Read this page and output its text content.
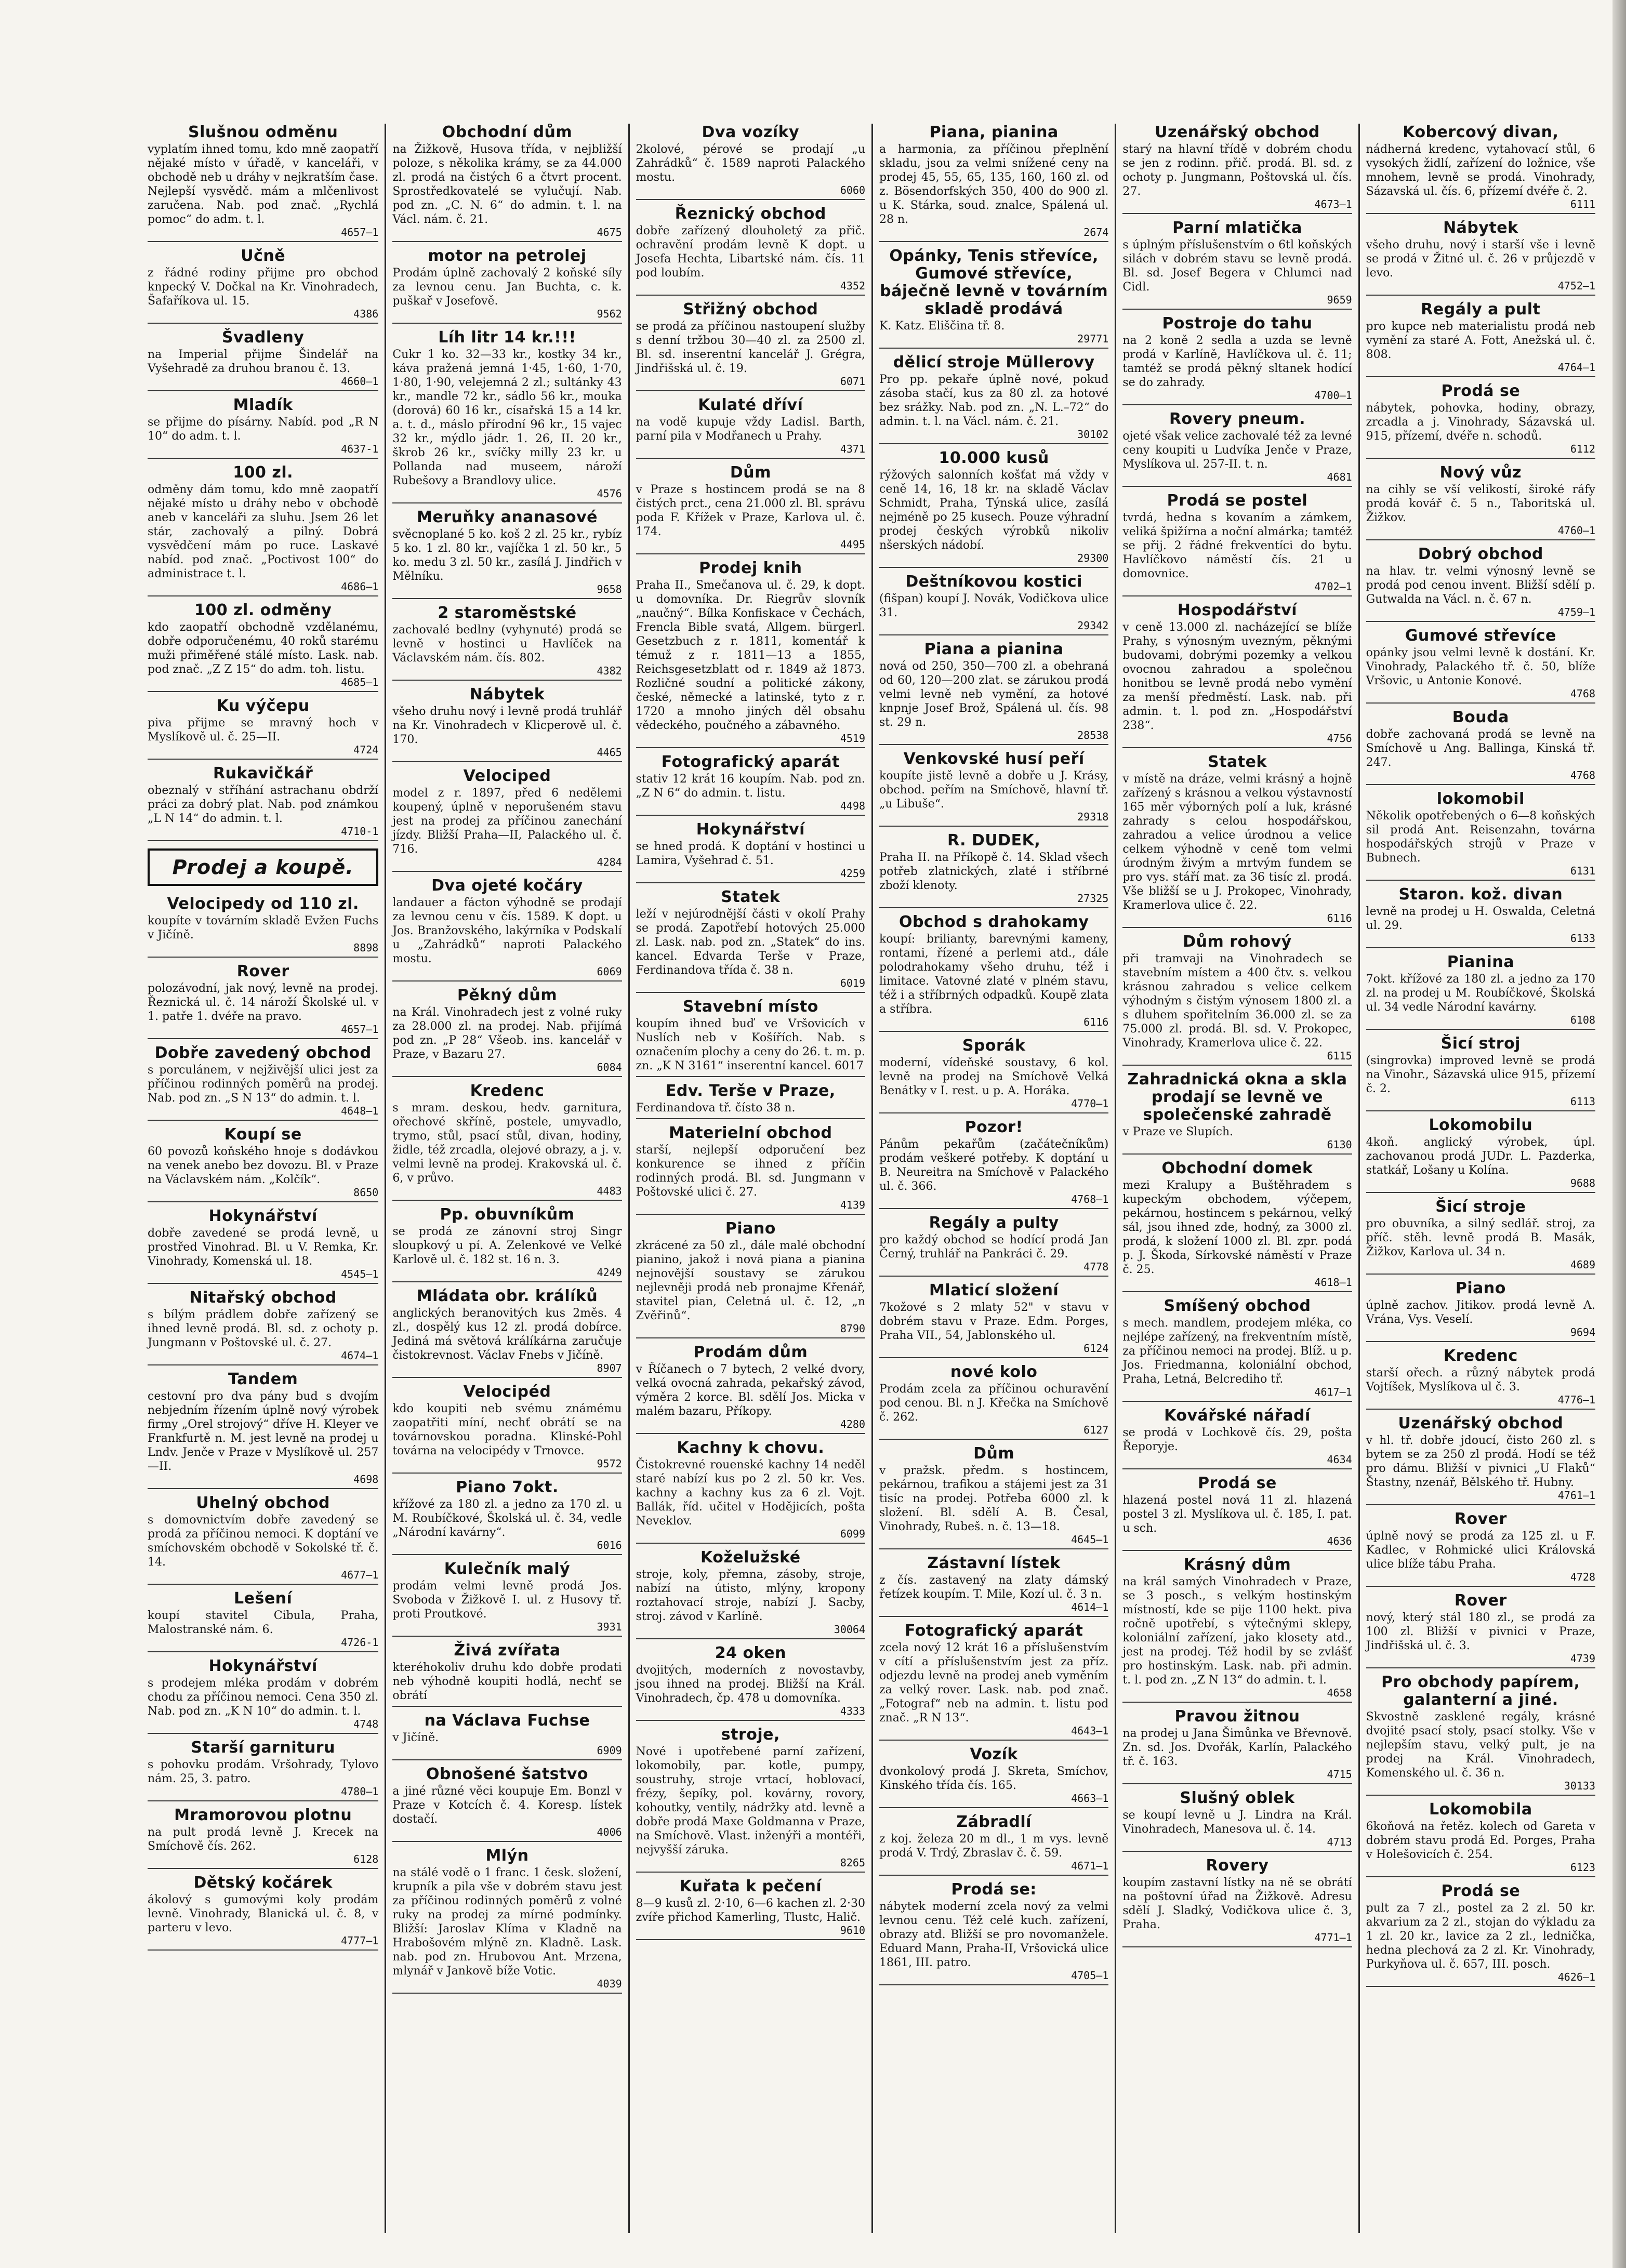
Slušnou odměnu

vyplatím ihned tomu, kdo mně zaopatří nějaké místo v úřadě, v kanceláři, v obchodě neb u dráhy v nejkratším čase. Nejlepší vysvědč. mám a mlčenlivost zaručena. Nab. pod znač. „Rychlá pomoc“ do adm. t. l.

4657—1

Učně

z řádné rodiny přijme pro obchod knpecký V. Dočkal na Kr. Vinohradech, Šafaříkova ul. 15.

4386

Švadleny

na Imperial přijme Šindelář na Vyšehradě za druhou branou č. 13.

4660—1

Mladík

se přijme do písárny. Nabíd. pod „R N 10“ do adm. t. l.

4637-1

100 zl.

odměny dám tomu, kdo mně zaopatří nějaké místo u dráhy nebo v obchodě aneb v kanceláři za sluhu. Jsem 26 let stár, zachovalý a pilný. Dobrá vysvědčení mám po ruce. Laskavé nabíd. pod znač. „Poctivost 100“ do administrace t. l.

4686—1

100 zl. odměny

kdo zaopatří obchodně vzdělanému, dobře odporučenému, 40 roků starému muži přiměřené stálé místo. Lask. nab. pod znač. „Z Z 15“ do adm. toh. listu.

4685—1

Ku výčepu

piva přijme se mravný hoch v Myslíkově ul. č. 25—II.

4724

Rukavičkář

obeznalý v stříhání astrachanu obdrží práci za dobrý plat. Nab. pod známkou „L N 14“ do admin. t. l.

4710-1

Prodej a koupě.
Velocipedy od 110 zl.

koupíte v továrním skladě Evžen Fuchs v Jičíně.

8898

Rover

polozávodní, jak nový, levně na prodej. Řeznická ul. č. 14 nároží Školské ul. v 1. patře 1. dvéře na pravo.

4657—1

Dobře zavedený obchod

s porculánem, v nejživější ulici jest za příčinou rodinných poměrů na prodej. Nab. pod zn. „S N 13“ do admin. t. l.

4648—1

Koupí se

60 povozů koňského hnoje s dodávkou na venek anebo bez dovozu. Bl. v Praze na Václavském nám. „Kolčík“.

8650

Hokynářství

dobře zavedené se prodá levně, u prostřed Vinohrad. Bl. u V. Remka, Kr. Vinohrady, Komenská ul. 18.

4545—1

Nitařský obchod

s bílým prádlem dobře zařízený se ihned levně prodá. Bl. sd. z ochoty p. Jungmann v Poštovské ul. č. 27.

4674—1

Tandem

cestovní pro dva pány bud s dvojím nebjedním řízením úplně nový výrobek firmy „Orel strojový“ dříve H. Kleyer ve Frankfurtě n. M. jest levně na prodej u Lndv. Jenče v Praze v Myslíkově ul. 257—II.

4698

Uhelný obchod

s domovnictvím dobře zavedený se prodá za příčinou nemoci. K doptání ve smíchovském obchodě v Sokolské tř. č. 14.

4677—1

Lešení

koupí stavitel Cibula, Praha, Malostranské nám. 6.

4726-1

Hokynářství

s prodejem mléka prodám v dobrém chodu za příčinou nemoci. Cena 350 zl. Nab. pod zn. „K N 10“ do admin. t. l.

4748

Starší garnituru

s pohovku prodám. Vršohrady, Tylovo nám. 25, 3. patro.

4780—1

Mramorovou plotnu

na pult prodá levně J. Krecek na Smíchově čís. 262.

6128

Dětský kočárek

ákolový s gumovými koly prodám levně. Vinohrady, Blanická ul. č. 8, v parteru v levo.

4777—1

Obchodní dům

na Žižkově, Husova třída, v nejbližší poloze, s několika krámy, se za 44.000 zl. prodá na čistých 6 a čtvrt procent. Sprostředkovatelé se vylučují. Nab. pod zn. „C. N. 6“ do admin. t. l. na Václ. nám. č. 21.

4675

motor na petrolej

Prodám úplně zachovalý 2 koňské síly za levnou cenu. Jan Buchta, c. k. puškař v Josefově.

9562

Líh litr 14 kr.!!!

Cukr 1 ko. 32—33 kr., kostky 34 kr., káva pražená jemná 1·45, 1·60, 1·70, 1·80, 1·90, velejemná 2 zl.; sultánky 43 kr., mandle 72 kr., sádlo 56 kr., mouka (dorová) 60 16 kr., císařská 15 a 14 kr. a. t. d., máslo přírodní 96 kr., 15 vajec 32 kr., mýdlo jádr. 1. 26, II. 20 kr., škrob 26 kr., svíčky milly 23 kr. u Pollanda nad museem, nároží Rubešovy a Brandlovy ulice.

4576

Meruňky ananasové

svěcnoplané 5 ko. koš 2 zl. 25 kr., rybíz 5 ko. 1 zl. 80 kr., vajíčka 1 zl. 50 kr., 5 ko. medu 3 zl. 50 kr., zasílá J. Jindřich v Mělníku.

9658

2 staroměstské

zachovalé bedlny (vyhynuté) prodá se levně v hostinci u Havlíček na Václavském nám. čís. 802.

4382

Nábytek

všeho druhu nový i levně prodá truhlář na Kr. Vinohradech v Klicperově ul. č. 170.

4465

Velociped

model z r. 1897, před 6 nedělemi koupený, úplně v neporušeném stavu jest na prodej za příčinou zanechání jízdy. Bližší Praha—II, Palackého ul. č. 716.

4284

Dva ojeté kočáry

landauer a fácton výhodně se prodají za levnou cenu v čís. 1589. K dopt. u Jos. Branžovského, lakýrníka v Podskalí u „Zahrádků“ naproti Palackého mostu.

6069

Pěkný dům

na Král. Vinohradech jest z volné ruky za 28.000 zl. na prodej. Nab. přijímá pod zn. „P 28“ Všeob. ins. kancelář v Praze, v Bazaru 27.

6084

Kredenc

s mram. deskou, hedv. garnitura, ořechové skříně, postele, umyvadlo, trymo, stůl, psací stůl, divan, hodiny, židle, též zrcadla, olejové obrazy, a j. v. velmi levně na prodej. Krakovská ul. č. 6, v průvo.

4483

Pp. obuvníkům

se prodá ze zánovní stroj Singr sloupkový u pí. A. Zelenkové ve Velké Karlově ul. č. 182 st. 16 n. 3.

4249

Mládata obr. králíků

anglických beranovitých kus 2měs. 4 zl., dospělý kus 12 zl. prodá dobírce. Jediná má světová králíkárna zaručuje čistokrevnost. Václav Fnebs v Jičíně.

8907

Velocipéd

kdo koupiti neb svému známému zaopatřiti míní, nechť obrátí se na továrnovskou poradna. Klinské-Pohl továrna na velocipédy v Trnovce.

9572

Piano 7okt.

křížové za 180 zl. a jedno za 170 zl. u M. Roubíčkové, Školská ul. č. 34, vedle „Národní kavárny“.

6016

Kulečník malý

prodám velmi levně prodá Jos. Svoboda v Žižkově I. ul. z Husovy tř. proti Proutkové.

3931

Živá zvířata

kteréhokoliv druhu kdo dobře prodati neb výhodně koupiti hodlá, nechť se obrátí

na Václava Fuchse

v Jičíně.

6909

Obnošené šatstvo

a jiné různé věci koupuje Em. Bonzl v Praze v Kotcích č. 4. Koresp. lístek dostačí.

4006

Mlýn

na stálé vodě o 1 franc. 1 česk. složení, krupník a pila vše v dobrém stavu jest za příčinou rodinných poměrů z volné ruky na prodej za mírné podmínky. Bližší: Jaroslav Klíma v Kladně na Hrabošovém mlýně zn. Kladně. Lask. nab. pod zn. Hrubovou Ant. Mrzena, mlynář v Jankově bíže Votic.

4039

Dva vozíky

2kolové, pérové se prodají „u Zahrádků“ č. 1589 naproti Palackého mostu.

6060

Řeznický obchod

dobře zařízený dlouholetý za přič. ochravění prodám levně K dopt. u Josefa Hechta, Libartské nám. čís. 11 pod loubím.

4352

Střižný obchod

se prodá za příčinou nastoupení služby s denní tržbou 30—40 zl. za 2500 zl. Bl. sd. inserentní kancelář J. Grégra, Jindřišská ul. č. 19.

6071

Kulaté dříví

na vodě kupuje vždy Ladisl. Barth, parní pila v Modřanech u Prahy.

4371

Dům

v Praze s hostincem prodá se na 8 čistých prct., cena 21.000 zl. Bl. správu poda F. Křížek v Praze, Karlova ul. č. 174.

4495

Prodej knih

Praha II., Smečanova ul. č. 29, k dopt. u domovníka. Dr. Riegrův slovník „naučný“. Bílka Konfiskace v Čechách, Frencla Bible svatá, Allgem. bürgerl. Gesetzbuch z r. 1811, komentář k témuž z r. 1811—13 a 1855, Reichsgesetzblatt od r. 1849 až 1873. Rozličné soudní a politické zákony, české, německé a latinské, tyto z r. 1720 a mnoho jiných děl obsahu vědeckého, poučného a zábavného.

4519

Fotografický aparát

stativ 12 krát 16 koupím. Nab. pod zn. „Z N 6“ do admin. t. listu.

4498

Hokynářství

se hned prodá. K doptání v hostinci u Lamira, Vyšehrad č. 51.

4259

Statek

leží v nejúrodnější části v okolí Prahy se prodá. Zapotřebí hotových 25.000 zl. Lask. nab. pod zn. „Statek“ do ins. kancel. Edvarda Terše v Praze, Ferdinandova třída č. 38 n.

6019

Stavební místo

koupím ihned buď ve Vršovicích v Nuslích neb v Košířích. Nab. s označením plochy a ceny do 26. t. m. p. zn. „K N 3161“ inserentní kancel. 6017

Edv. Terše v Praze,

Ferdinandova tř. čísto 38 n.

Materielní obchod

starší, nejlepší odporučení bez konkurence se ihned z příčin rodinných prodá. Bl. sd. Jungmann v Poštovské ulici č. 27.

4139

Piano

zkrácené za 50 zl., dále malé obchodní pianino, jakož i nová piana a pianina nejnovější soustavy se zárukou nejlevněji prodá neb pronajme Křenář, stavitel pian, Celetná ul. č. 12, „n Zvěřinů“.

8790

Prodám dům

v Říčanech o 7 bytech, 2 velké dvory, velká ovocná zahrada, pekařský závod, výměra 2 korce. Bl. sdělí Jos. Micka v malém bazaru, Příkopy.

4280

Kachny k chovu.

Čistokrevné rouenské kachny 14 neděl staré nabízí kus po 2 zl. 50 kr. Ves. kachny a kachny kus za 6 zl. Vojt. Ballák, říd. učitel v Hodějicích, pošta Neveklov.

6099

Koželužské

stroje, koly, přemna, zásoby, stroje, nabízí na útisto, mlýny, kropony roztahovací stroje, nabízí J. Sacby, stroj. závod v Karlíně.

30064

24 oken

dvojitých, moderních z novostavby, jsou ihned na prodej. Bližší na Král. Vinohradech, čp. 478 u domovníka.

4333

stroje,

Nové i upotřebené parní zařízení, lokomobily, par. kotle, pumpy, soustruhy, stroje vrtací, hoblovací, frézy, šepíky, pol. kovárny, rovory, kohoutky, ventily, nádržky atd. levně a dobře prodá Maxe Goldmanna v Praze, na Smíchově. Vlast. inženýři a montéři, nejvyšší záruka.

8265

Kuřata k pečení

8—9 kusů zl. 2·10, 6—6 kachen zl. 2·30 zvíře přichod Kamerling, Tlustc, Halič.

9610

Piana, pianina

a harmonia, za příčinou přeplnění skladu, jsou za velmi snížené ceny na prodej 45, 55, 65, 135, 160, 160 zl. od z. Bösendorfských 350, 400 do 900 zl. u K. Stárka, soud. znalce, Spálená ul. 28 n.

2674

Opánky, Tenis střevíce, Gumové střevíce, báječně levně v továrním skladě prodává

K. Katz. Eliščina tř. 8.

29771

dělicí stroje Müllerovy

Pro pp. pekaře úplně nové, pokud zásoba stačí, kus za 80 zl. za hotové bez srážky. Nab. pod zn. „N. L.–72“ do admin. t. l. na Václ. nám. č. 21.

30102

10.000 kusů

rýžových salonních košťat má vždy v ceně 14, 16, 18 kr. na skladě Václav Schmidt, Praha, Týnská ulice, zasílá nejméně po 25 kusech. Pouze výhradní prodej českých výrobků nikoliv nšerských nádobí.

29300

Deštníkovou kostici

(fišpan) koupí J. Novák, Vodičkova ulice 31.

29342

Piana a pianina

nová od 250, 350—700 zl. a obehraná od 60, 120—200 zlat. se zárukou prodá velmi levně neb vymění, za hotové knpnje Josef Brož, Spálená ul. čís. 98 st. 29 n.

28538

Venkovské husí peří

koupíte jistě levně a dobře u J. Krásy, obchod. peřím na Smíchově, hlavní tř. „u Libuše“.

29318

R. DUDEK,

Praha II. na Příkopě č. 14. Sklad všech potřeb zlatnických, zlaté i stříbrné zboží klenoty.

27325

Obchod s drahokamy

koupí: brilianty, barevnými kameny, rontami, řízené a perlemi atd., dále polodrahokamy všeho druhu, též i limitace. Vatovné zlaté v plném stavu, též i a stříbrných odpadků. Koupě zlata a stříbra.

6116

Sporák

moderní, vídeňské soustavy, 6 kol. levně na prodej na Smíchově Velká Benátky v I. rest. u p. A. Horáka.

4770—1

Pozor!

Pánům pekařům (začátečníkům) prodám veškeré potřeby. K doptání u B. Neureitra na Smíchově v Palackého ul. č. 366.

4768—1

Regály a pulty

pro každý obchod se hodící prodá Jan Černý, truhlář na Pankráci č. 29.

4778

Mlaticí složení

7kožové s 2 mlaty 52" v stavu v dobrém stavu v Praze. Edm. Porges, Praha VII., 54, Jablonského ul.

6124

nové kolo

Prodám zcela za příčinou ochuravění pod cenou. Bl. n J. Křečka na Smíchově č. 262.

6127

Dům

v pražsk. předm. s hostincem, pekárnou, trafikou a stájemi jest za 31 tisíc na prodej. Potřeba 6000 zl. k složení. Bl. sdělí A. B. Česal, Vinohrady, Rubeš. n. č. 13—18.

4645—1

Zástavní lístek

z čís. zastavený na zlaty dámský řetízek koupím. T. Mile, Kozí ul. č. 3 n.

4614—1

Fotografický aparát

zcela nový 12 krát 16 a příslušenstvím v cítí a příslušenstvím jest za příz. odjezdu levně na prodej aneb vyměním za velký rover. Lask. nab. pod znač. „Fotograf“ neb na admin. t. listu pod znač. „R N 13“.

4643—1

Vozík

dvonkolový prodá J. Skreta, Smíchov, Kinského třída čís. 165.

4663—1

Zábradlí

z koj. železa 20 m dl., 1 m vys. levně prodá V. Trdý, Zbraslav č. č. 59.

4671—1

Prodá se:

nábytek moderní zcela nový za velmi levnou cenu. Též celé kuch. zařízení, obrazy atd. Bližší se pro novomanžele. Eduard Mann, Praha-II, Vršovická ulice 1861, III. patro.

4705—1

Uzenářský obchod

starý na hlavní třídě v dobrém chodu se jen z rodinn. přič. prodá. Bl. sd. z ochoty p. Jungmann, Poštovská ul. čís. 27.

4673—1

Parní mlatička

s úplným příslušenstvím o 6tl koňských silách v dobrém stavu se levně prodá. Bl. sd. Josef Begera v Chlumci nad Cidl.

9659

Postroje do tahu

na 2 koně 2 sedla a uzda se levně prodá v Karlíně, Havlíčkova ul. č. 11; tamtéž se prodá pěkný sltanek hodící se do zahrady.

4700—1

Rovery pneum.

ojeté však velice zachovalé též za levné ceny koupiti u Ludvíka Jenče v Praze, Myslíkova ul. 257-II. t. n.

4681

Prodá se postel

tvrdá, hedna s kovaním a zámkem, veliká špižírna a noční almárka; tamtéž se přij. 2 řádné frekventíci do bytu. Havlíčkovo náměstí čís. 21 u domovnice.

4702—1

Hospodářství

v ceně 13.000 zl. nacházející se blíže Prahy, s výnosným uvezným, pěknými budovami, dobrými pozemky a velkou ovocnou zahradou a společnou honitbou se levně prodá nebo vymění za menší předměstí. Lask. nab. při admin. t. l. pod zn. „Hospodářství 238“.

4756

Statek

v místě na dráze, velmi krásný a hojně zařízený s krásnou a velkou výstavností 165 měr výborných polí a luk, krásné zahrady s celou hospodářskou, zahradou a velice úrodnou a velice celkem výhodně v ceně tom velmi úrodným živým a mrtvým fundem se pro vys. stáří mat. za 36 tisíc zl. prodá. Vše bližší se u J. Prokopec, Vinohrady, Kramerlova ulice č. 22.

6116

Dům rohový

při tramvaji na Vinohradech se stavebním místem a 400 čtv. s. velkou krásnou zahradou s velice celkem výhodným s čistým výnosem 1800 zl. a s dluhem spořitelním 36.000 zl. se za 75.000 zl. prodá. Bl. sd. V. Prokopec, Vinohrady, Kramerlova ulice č. 22.

6115

Zahradnická okna a skla prodají se levně ve společenské zahradě

v Praze ve Slupích.

6130

Obchodní domek

mezi Kralupy a Buštěhradem s kupeckým obchodem, výčepem, pekárnou, hostincem s pekárnou, velký sál, jsou ihned zde, hodný, za 3000 zl. prodá, k složení 1000 zl. Bl. zpr. podá p. J. Škoda, Sírkovské náměstí v Praze č. 25.

4618—1

Smíšený obchod

s mech. mandlem, prodejem mléka, co nejlépe zařízený, na frekventním místě, za příčinou nemoci na prodej. Blíž. u p. Jos. Friedmanna, koloniální obchod, Praha, Letná, Belcrediho tř.

4617—1

Kovářské nářadí

se prodá v Lochkově čís. 29, pošta Řeporyje.

4634

Prodá se

hlazená postel nová 11 zl. hlazená postel 3 zl. Myslíkova ul. č. 185, I. pat. u sch.

4636

Krásný dům

na král samých Vinohradech v Praze, se 3 posch., s velkým hostinským místností, kde se pije 1100 hekt. piva ročně upotřebí, s výtečnými sklepy, koloniální zařízení, jako klosety atd., jest na prodej. Též hodil by se zvlášť pro hostinským. Lask. nab. při admin. t. l. pod zn. „Z N 13“ do admin. t. l.

4658

Pravou žitnou

na prodej u Jana Šimůnka ve Břevnově. Zn. sd. Jos. Dvořák, Karlín, Palackého tř. č. 163.

4715

Slušný oblek

se koupí levně u J. Lindra na Král. Vinohradech, Manesova ul. č. 14.

4713

Rovery

koupím zastavní lístky na ně se obrátí na poštovní úřad na Žižkově. Adresu sdělí J. Sladký, Vodičkova ulice č. 3, Praha.

4771—1

Kobercový divan,

nádherná kredenc, vytahovací stůl, 6 vysokých židlí, zařízení do ložnice, vše mnohem, levně se prodá. Vinohrady, Sázavská ul. čís. 6, přízemí dvéře č. 2.

6111

Nábytek

všeho druhu, nový i starší vše i levně se prodá v Žitné ul. č. 26 v průjezdě v levo.

4752—1

Regály a pult

pro kupce neb materialistu prodá neb vymění za staré A. Fott, Anežská ul. č. 808.

4764—1

Prodá se

nábytek, pohovka, hodiny, obrazy, zrcadla a j. Vinohrady, Sázavská ul. 915, přízemí, dvéře n. schodů.

6112

Nový vůz

na cihly se vší velikostí, široké ráfy prodá kovář č. 5 n., Taboritská ul. Žižkov.

4760—1

Dobrý obchod

na hlav. tr. velmi výnosný levně se prodá pod cenou invent. Bližší sdělí p. Gutwalda na Václ. n. č. 67 n.

4759—1

Gumové střevíce

opánky jsou velmi levně k dostání. Kr. Vinohrady, Palackého tř. č. 50, blíže Vršovic, u Antonie Konové.

4768

Bouda

dobře zachovaná prodá se levně na Smíchově u Ang. Ballinga, Kinská tř. 247.

4768

lokomobil

Několik opotřebených o 6—8 koňských sil prodá Ant. Reisenzahn, továrna hospodářských strojů v Praze v Bubnech.

6131

Staron. kož. divan

levně na prodej u H. Oswalda, Celetná ul. 29.

6133

Pianina

7okt. křížové za 180 zl. a jedno za 170 zl. na prodej u M. Roubíčkové, Školská ul. 34 vedle Národní kavárny.

6108

Šicí stroj

(singrovka) improved levně se prodá na Vinohr., Sázavská ulice 915, přízemí č. 2.

6113

Lokomobilu

4koň. anglický výrobek, úpl. zachovanou prodá JUDr. L. Pazderka, statkář, Lošany u Kolína.

9688

Šicí stroje

pro obuvníka, a silný sedlář. stroj, za příč. stěh. levně prodá B. Masák, Žižkov, Karlova ul. 34 n.

4689

Piano

úplně zachov. Jitikov. prodá levně A. Vrána, Vys. Veselí.

9694

Kredenc

starší ořech. a různý nábytek prodá Vojtíšek, Myslíkova ul č. 3.

4776—1

Uzenářský obchod

v hl. tř. dobře jdoucí, čisto 260 zl. s bytem se za 250 zl prodá. Hodí se též pro dámu. Bližší v pivnici „U Flaků“ Štastny, nzenář, Bělského tř. Hubny.

4761—1

Rover

úplně nový se prodá za 125 zl. u F. Kadlec, v Rohmické ulici Královská ulice blíže tábu Praha.

4728

Rover

nový, který stál 180 zl., se prodá za 100 zl. Bližší v pivnici v Praze, Jindřišská ul. č. 3.

4739

Pro obchody papírem, galanterní a jiné.

Skvostně zasklené regály, krásné dvojité psací stoly, psací stolky. Vše v nejlepším stavu, velký pult, je na prodej na Král. Vinohradech, Komenského ul. č. 36 n.

30133

Lokomobila

6koňová na řetěz. kolech od Gareta v dobrém stavu prodá Ed. Porges, Praha v Holešovicích č. 254.

6123

Prodá se

pult za 7 zl., postel za 2 zl. 50 kr. akvarium za 2 zl., stojan do výkladu za 1 zl. 20 kr., lavice za 2 zl., lednička, hedna plechová za 2 zl. Kr. Vinohrady, Purkyňova ul. č. 657, III. posch.

4626—1
